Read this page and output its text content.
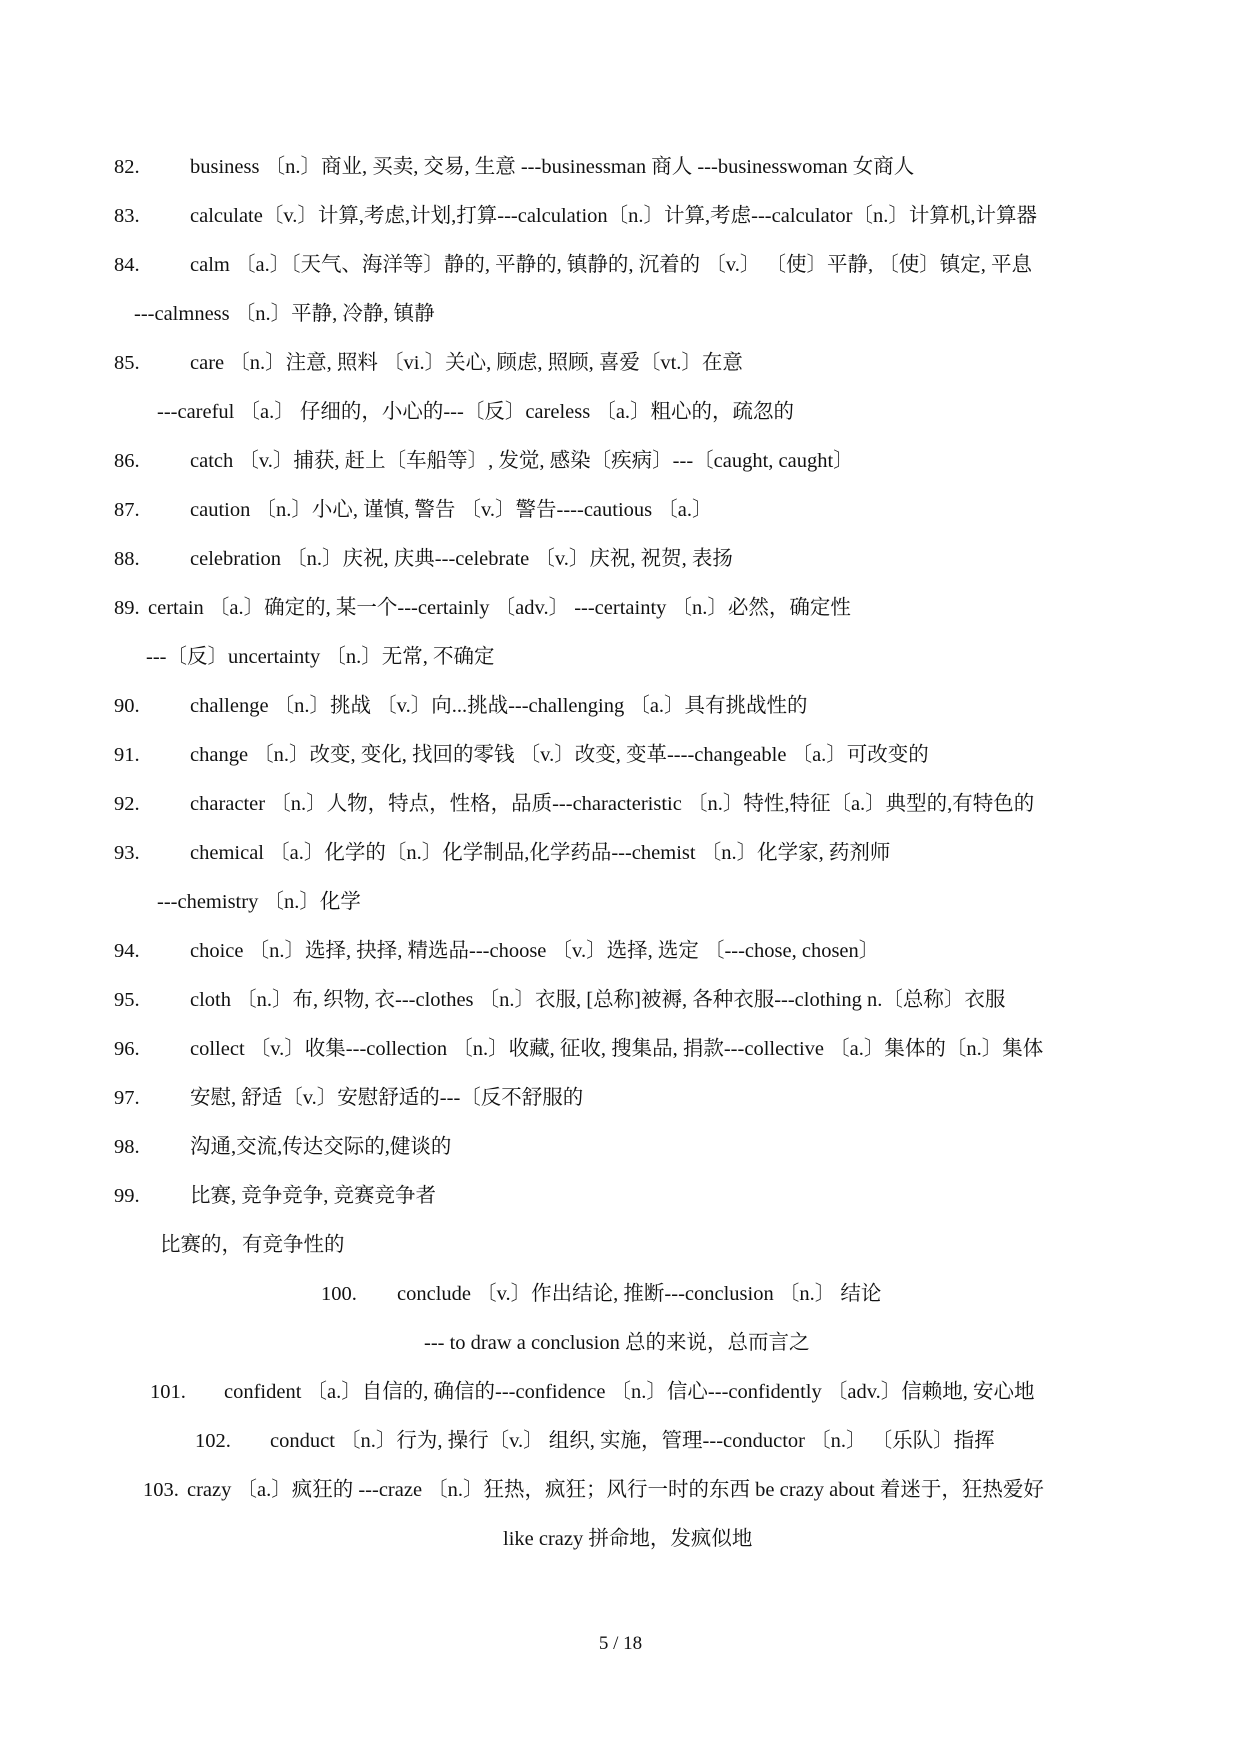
82. business 〔n.〕商业, 买卖, 交易, 生意 ---businessman 商人 ---businesswoman 女商人
83. calculate〔v.〕计算,考虑,计划,打算---calculation〔n.〕计算,考虑---calculator〔n.〕计算机,计算器
84. calm 〔a.〕〔天气、海洋等〕静的, 平静的, 镇静的, 沉着的 〔v.〕 〔使〕平静, 〔使〕镇定, 平息
---calmness 〔n.〕平静, 冷静, 镇静
85. care 〔n.〕注意, 照料 〔vi.〕关心, 顾虑, 照顾, 喜爱〔vt.〕在意
---careful 〔a.〕 仔细的，小心的---〔反〕careless 〔a.〕粗心的，疏忽的
86. catch 〔v.〕捕获, 赶上〔车船等〕, 发觉, 感染〔疾病〕---〔caught, caught〕
87. caution 〔n.〕小心, 谨慎, 警告 〔v.〕警告----cautious 〔a.〕
88. celebration 〔n.〕庆祝, 庆典---celebrate 〔v.〕庆祝, 祝贺, 表扬
89. certain 〔a.〕确定的, 某一个---certainly 〔adv.〕 ---certainty 〔n.〕必然，确定性
---〔反〕uncertainty 〔n.〕无常, 不确定
90. challenge 〔n.〕挑战 〔v.〕向...挑战---challenging 〔a.〕具有挑战性的
91. change 〔n.〕改变, 变化, 找回的零钱 〔v.〕改变, 变革----changeable 〔a.〕可改变的
92. character 〔n.〕人物，特点，性格，品质---characteristic 〔n.〕特性,特征〔a.〕典型的,有特色的
93. chemical 〔a.〕化学的〔n.〕化学制品,化学药品---chemist 〔n.〕化学家, 药剂师
---chemistry 〔n.〕化学
94. choice 〔n.〕选择, 抉择, 精选品---choose 〔v.〕选择, 选定 〔---chose, chosen〕
95. cloth 〔n.〕布, 织物, 衣---clothes 〔n.〕衣服, [总称]被褥, 各种衣服---clothing n.〔总称〕衣服
96. collect 〔v.〕收集---collection 〔n.〕收藏, 征收, 搜集品, 捐款---collective 〔a.〕集体的〔n.〕集体
97. 安慰, 舒适〔v.〕安慰舒适的---〔反不舒服的
98. 沟通,交流,传达交际的,健谈的
99. 比赛, 竞争竞争, 竞赛竞争者
比赛的，有竞争性的
100. conclude 〔v.〕作出结论, 推断---conclusion 〔n.〕 结论
--- to draw a conclusion 总的来说，总而言之
101. confident 〔a.〕自信的, 确信的---confidence 〔n.〕信心---confidently 〔adv.〕信赖地, 安心地
102. conduct 〔n.〕行为, 操行〔v.〕 组织, 实施，管理---conductor 〔n.〕 〔乐队〕指挥
103. crazy 〔a.〕疯狂的 ---craze 〔n.〕狂热，疯狂；风行一时的东西 be crazy about 着迷于，狂热爱好
like crazy 拼命地，发疯似地
5 / 18
